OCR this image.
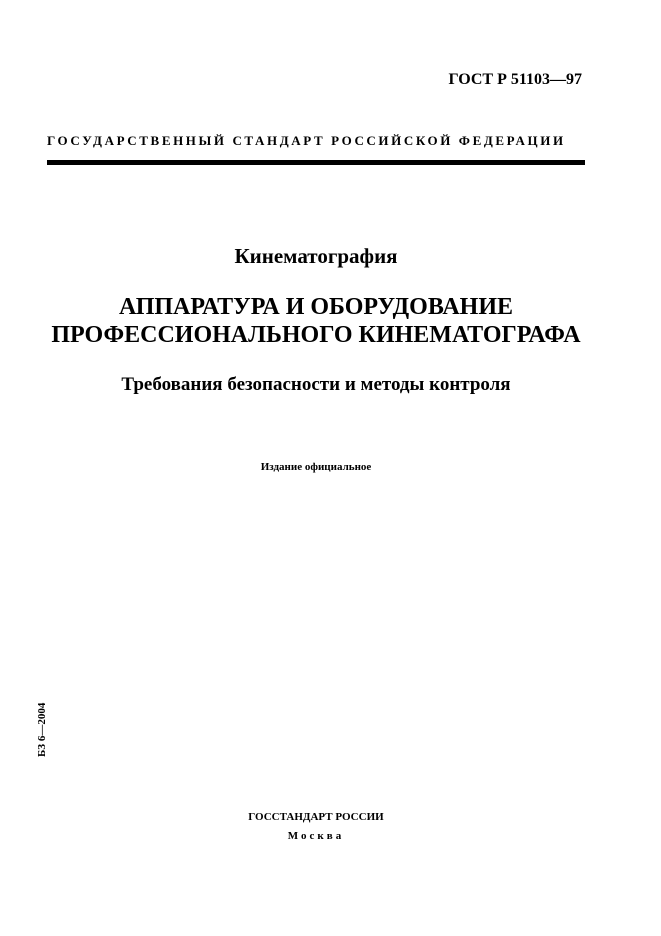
ГОСТ Р 51103—97
ГОСУДАРСТВЕННЫЙ СТАНДАРТ РОССИЙСКОЙ ФЕДЕРАЦИИ
Кинематография
АППАРАТУРА И ОБОРУДОВАНИЕ
ПРОФЕССИОНАЛЬНОГО КИНЕМАТОГРАФА
Требования безопасности и методы контроля
Издание официальное
БЗ 6—2004
ГОССТАНДАРТ РОССИИ
Москва
